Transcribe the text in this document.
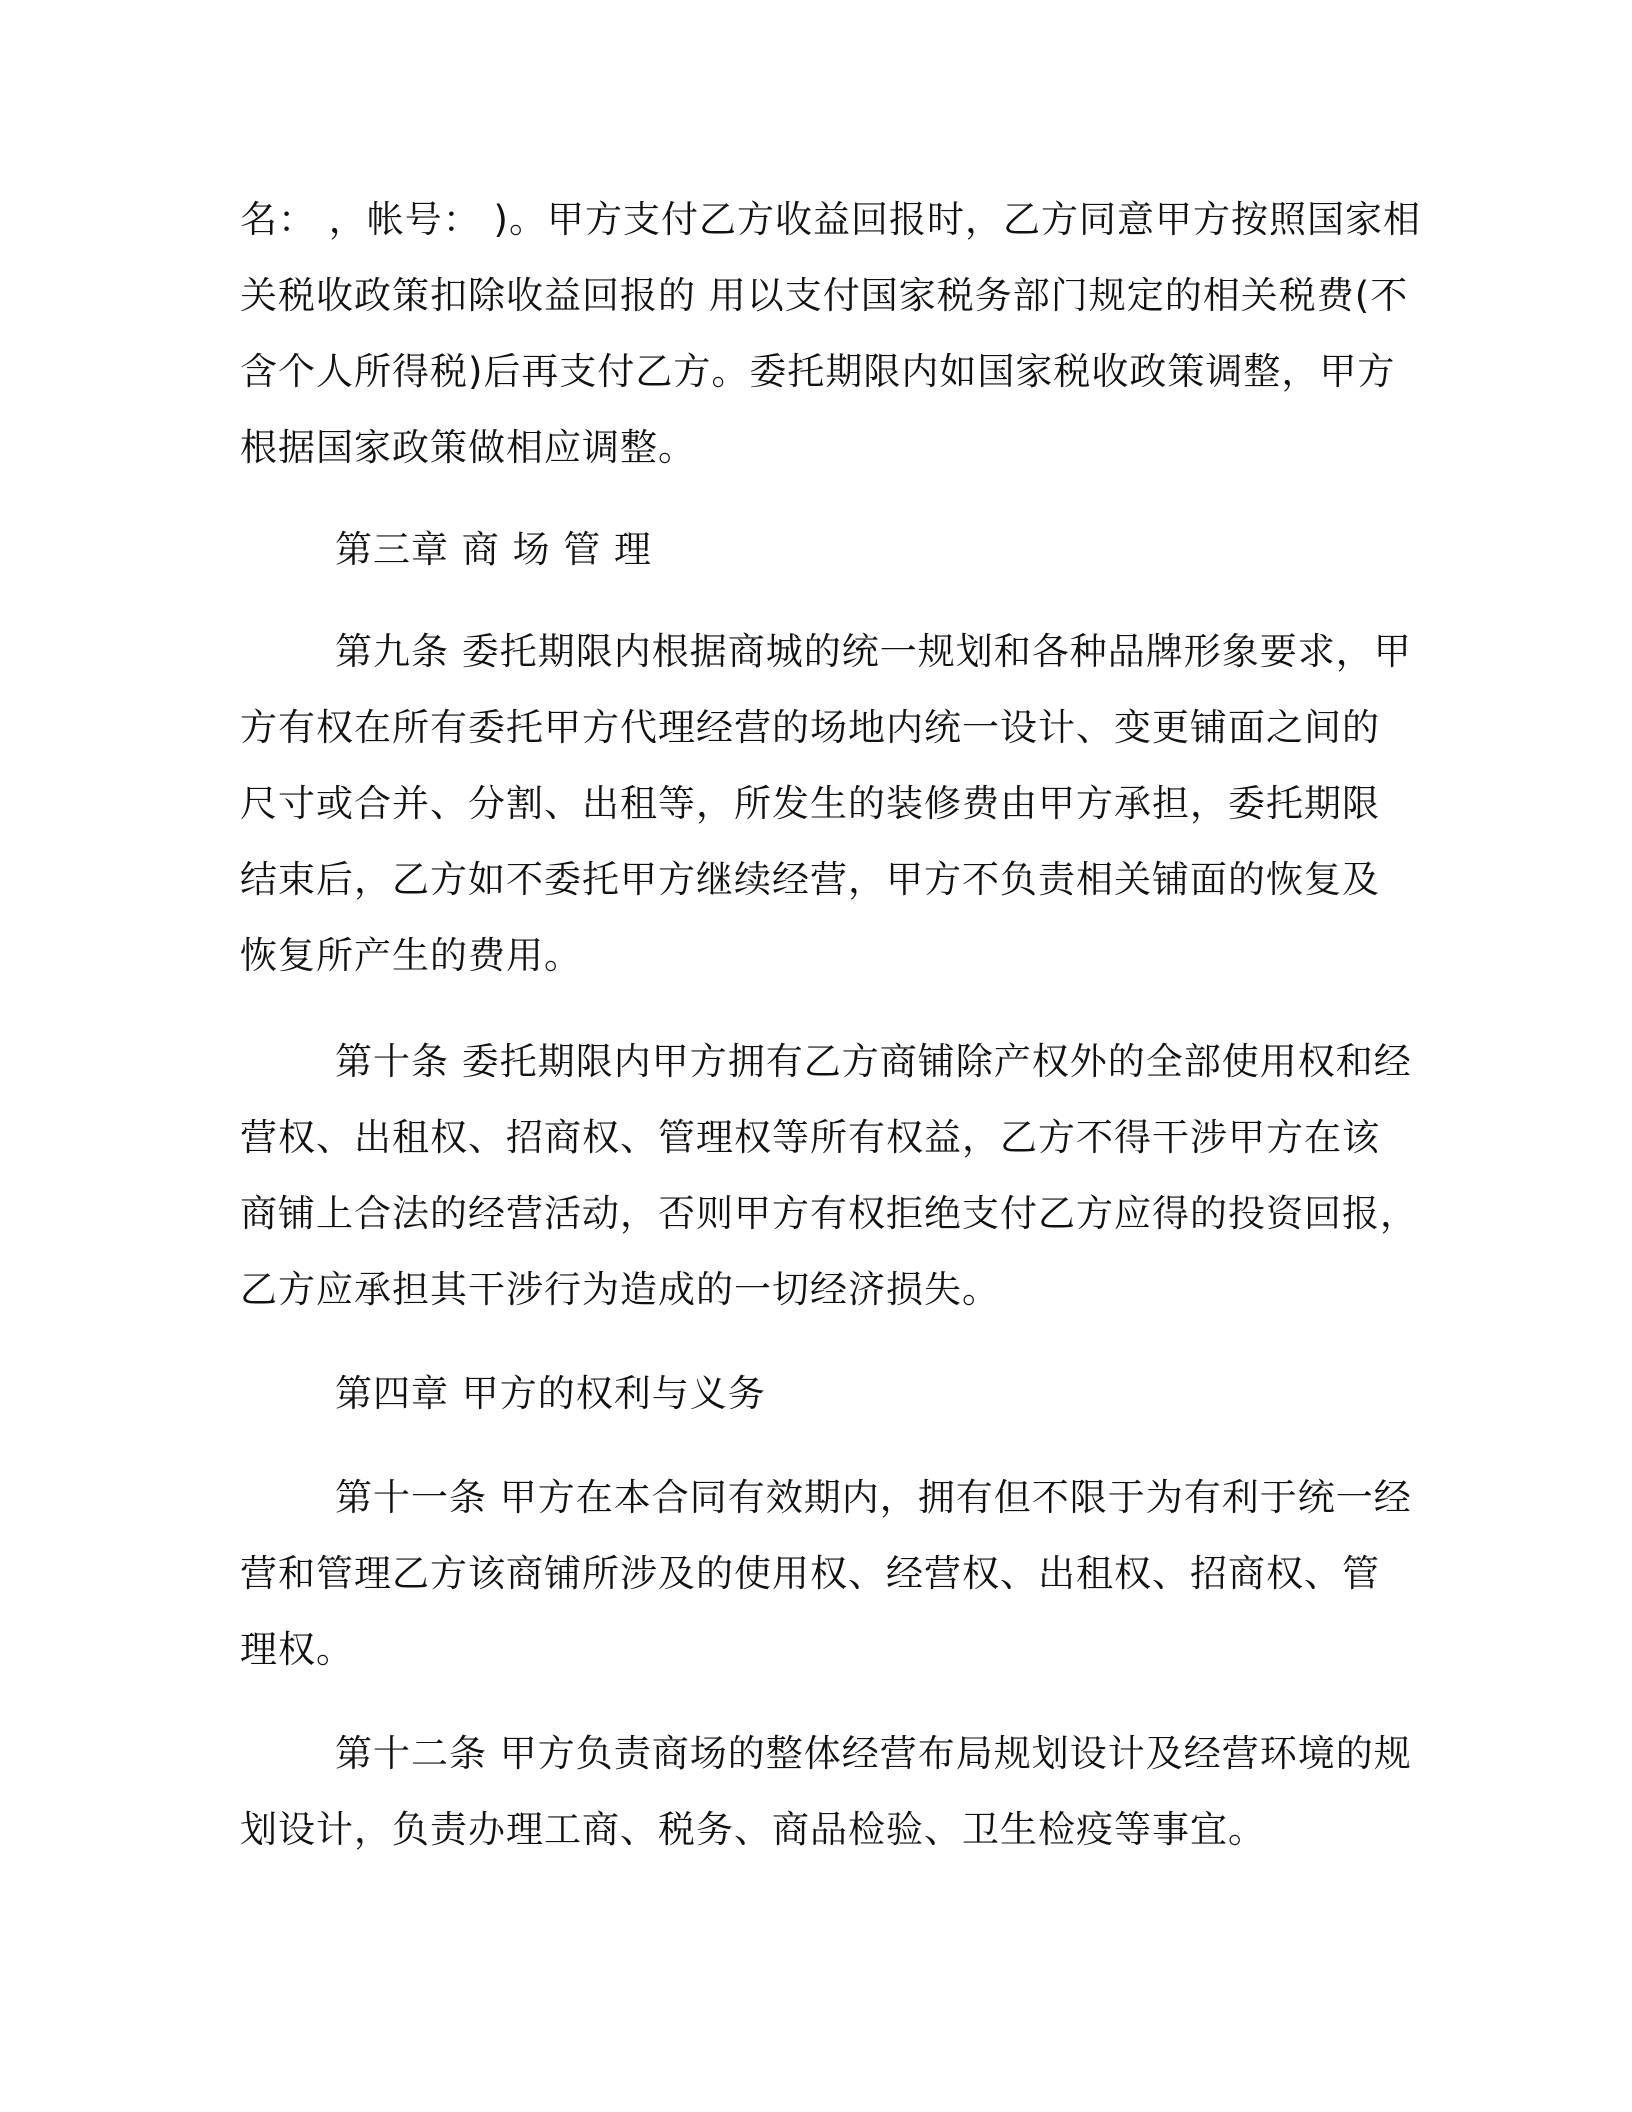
名： ，帐号： )。甲方支付乙方收益回报时，乙方同意甲方按照国家相
关税收政策扣除收益回报的 用以支付国家税务部门规定的相关税费(不
含个人所得税)后再支付乙方。委托期限内如国家税收政策调整，甲方
根据国家政策做相应调整。
第三章 商 场 管 理
第九条 委托期限内根据商城的统一规划和各种品牌形象要求，甲
方有权在所有委托甲方代理经营的场地内统一设计、变更铺面之间的
尺寸或合并、分割、出租等，所发生的装修费由甲方承担，委托期限
结束后，乙方如不委托甲方继续经营，甲方不负责相关铺面的恢复及
恢复所产生的费用。
第十条 委托期限内甲方拥有乙方商铺除产权外的全部使用权和经
营权、出租权、招商权、管理权等所有权益，乙方不得干涉甲方在该
商铺上合法的经营活动，否则甲方有权拒绝支付乙方应得的投资回报，
乙方应承担其干涉行为造成的一切经济损失。
第四章 甲方的权利与义务
第十一条 甲方在本合同有效期内，拥有但不限于为有利于统一经
营和管理乙方该商铺所涉及的使用权、经营权、出租权、招商权、管
理权。
第十二条 甲方负责商场的整体经营布局规划设计及经营环境的规
划设计，负责办理工商、税务、商品检验、卫生检疫等事宜。
